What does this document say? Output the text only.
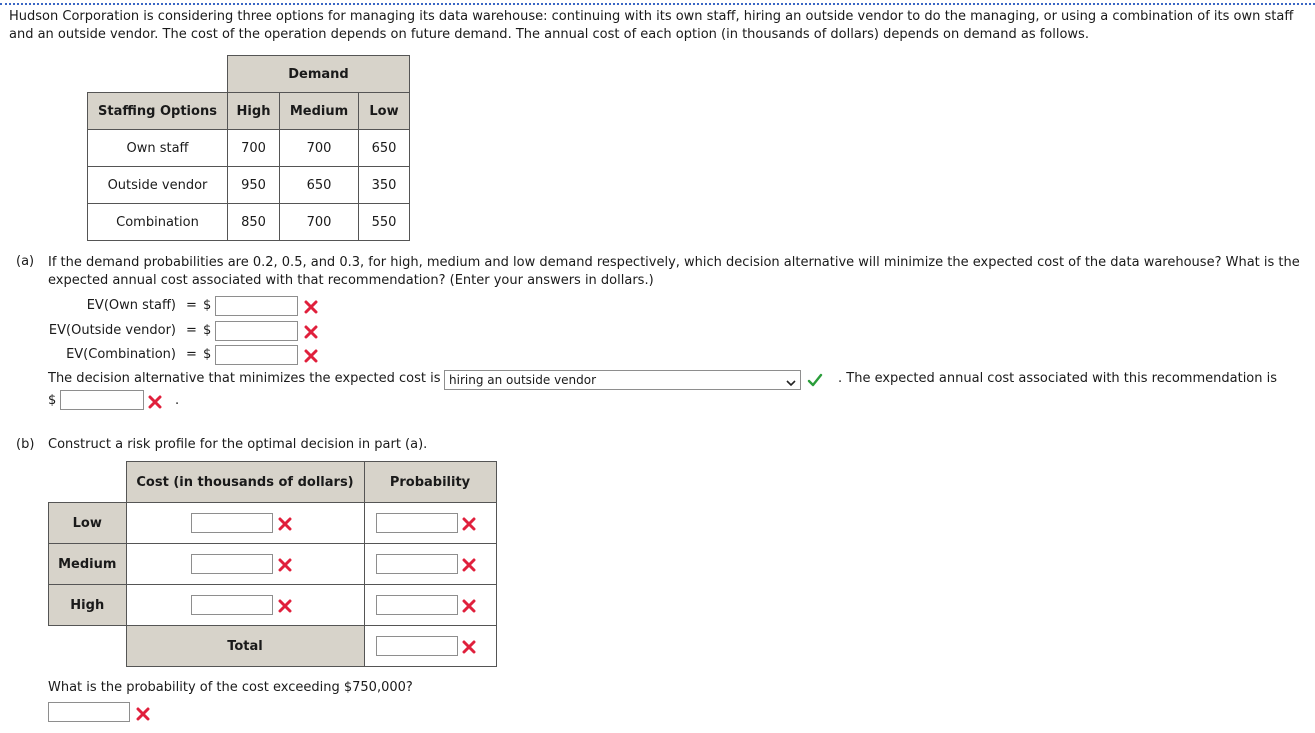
Hudson Corporation is considering three options for managing its data warehouse: continuing with its own staff, hiring an outside vendor to do the managing, or using a combination of its own staff and an outside vendor. The cost of the operation depends on future demand. The annual cost of each option (in thousands of dollars) depends on demand as follows.
	Demand		
Staffing Options	High	Medium	Low
Own staff	700	700	650
Outside vendor	950	650	350
Combination	850	700	550
(a) If the demand probabilities are 0.2, 0.5, and 0.3, for high, medium and low demand respectively, which decision alternative will minimize the expected cost of the data warehouse? What is the expected annual cost associated with that recommendation? (Enter your answers in dollars.)
EV(Own staff) = $
EV(Outside vendor) = $
EV(Combination) = $
The decision alternative that minimizes the expected cost is hiring an outside vendor	. The expected annual cost associated with this recommendation is
$	.
(b) Construct a risk profile for the optimal decision in part (a).
	Cost (in thousands of dollars)	Probability
Low	

Medium	

High	

	Total	
What is the probability of the cost exceeding $750,000?
